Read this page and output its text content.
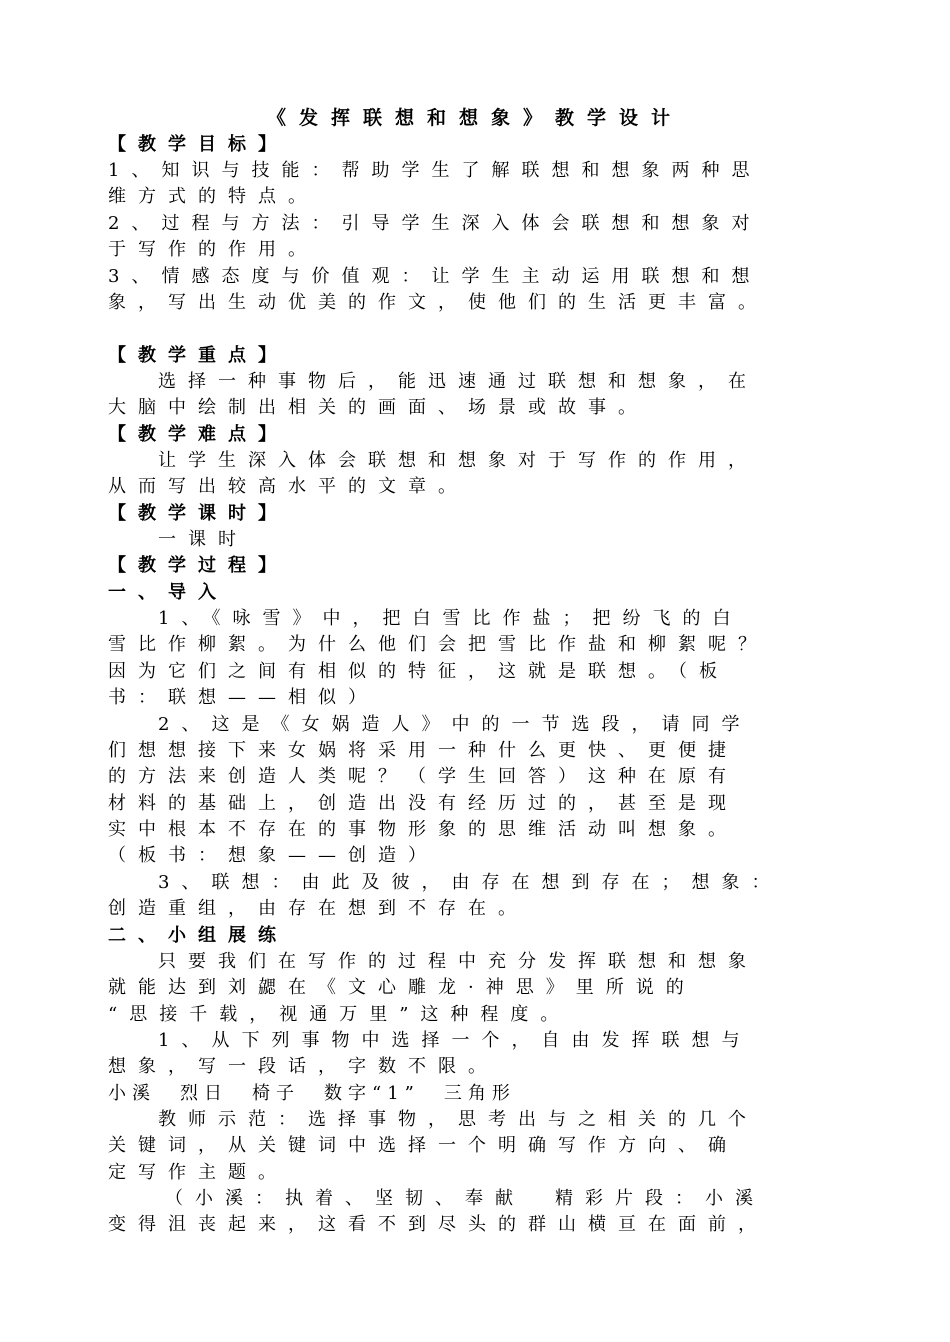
《发挥联想和想象》教学设计
【教学目标】
1、知识与技能：帮助学生了解联想和想象两种思
维方式的特点。
2、过程与方法：引导学生深入体会联想和想象对
于写作的作用。
3、情感态度与价值观：让学生主动运用联想和想
象，写出生动优美的作文，使他们的生活更丰富。
【教学重点】
选择一种事物后，能迅速通过联想和想象，在
大脑中绘制出相关的画面、场景或故事。
【教学难点】
让学生深入体会联想和想象对于写作的作用，
从而写出较高水平的文章。
【教学课时】
一课时
【教学过程】
一、导入
1、《咏雪》中，把白雪比作盐；把纷飞的白
雪比作柳絮。为什么他们会把雪比作盐和柳絮呢？
因为它们之间有相似的特征，这就是联想。（板
书：联想——相似）
2、这是《女娲造人》中的一节选段，请同学
们想想接下来女娲将采用一种什么更快、更便捷
的方法来创造人类呢？（学生回答）这种在原有
材料的基础上，创造出没有经历过的，甚至是现
实中根本不存在的事物形象的思维活动叫想象。
（板书：想象——创造）
3、联想：由此及彼，由存在想到存在；想象：
创造重组，由存在想到不存在。
二、小组展练
只要我们在写作的过程中充分发挥联想和想象
就能达到刘勰在《文心雕龙·神思》里所说的
“思接千载，视通万里”这种程度。
1、从下列事物中选择一个，自由发挥联想与
想象，写一段话，字数不限。
小溪　烈日　椅子　数字“1”　三角形
教师示范：选择事物，思考出与之相关的几个
关键词，从关键词中选择一个明确写作方向、确
定写作主题。
（小溪：执着、坚韧、奉献　精彩片段：小溪
变得沮丧起来，这看不到尽头的群山横亘在面前，
